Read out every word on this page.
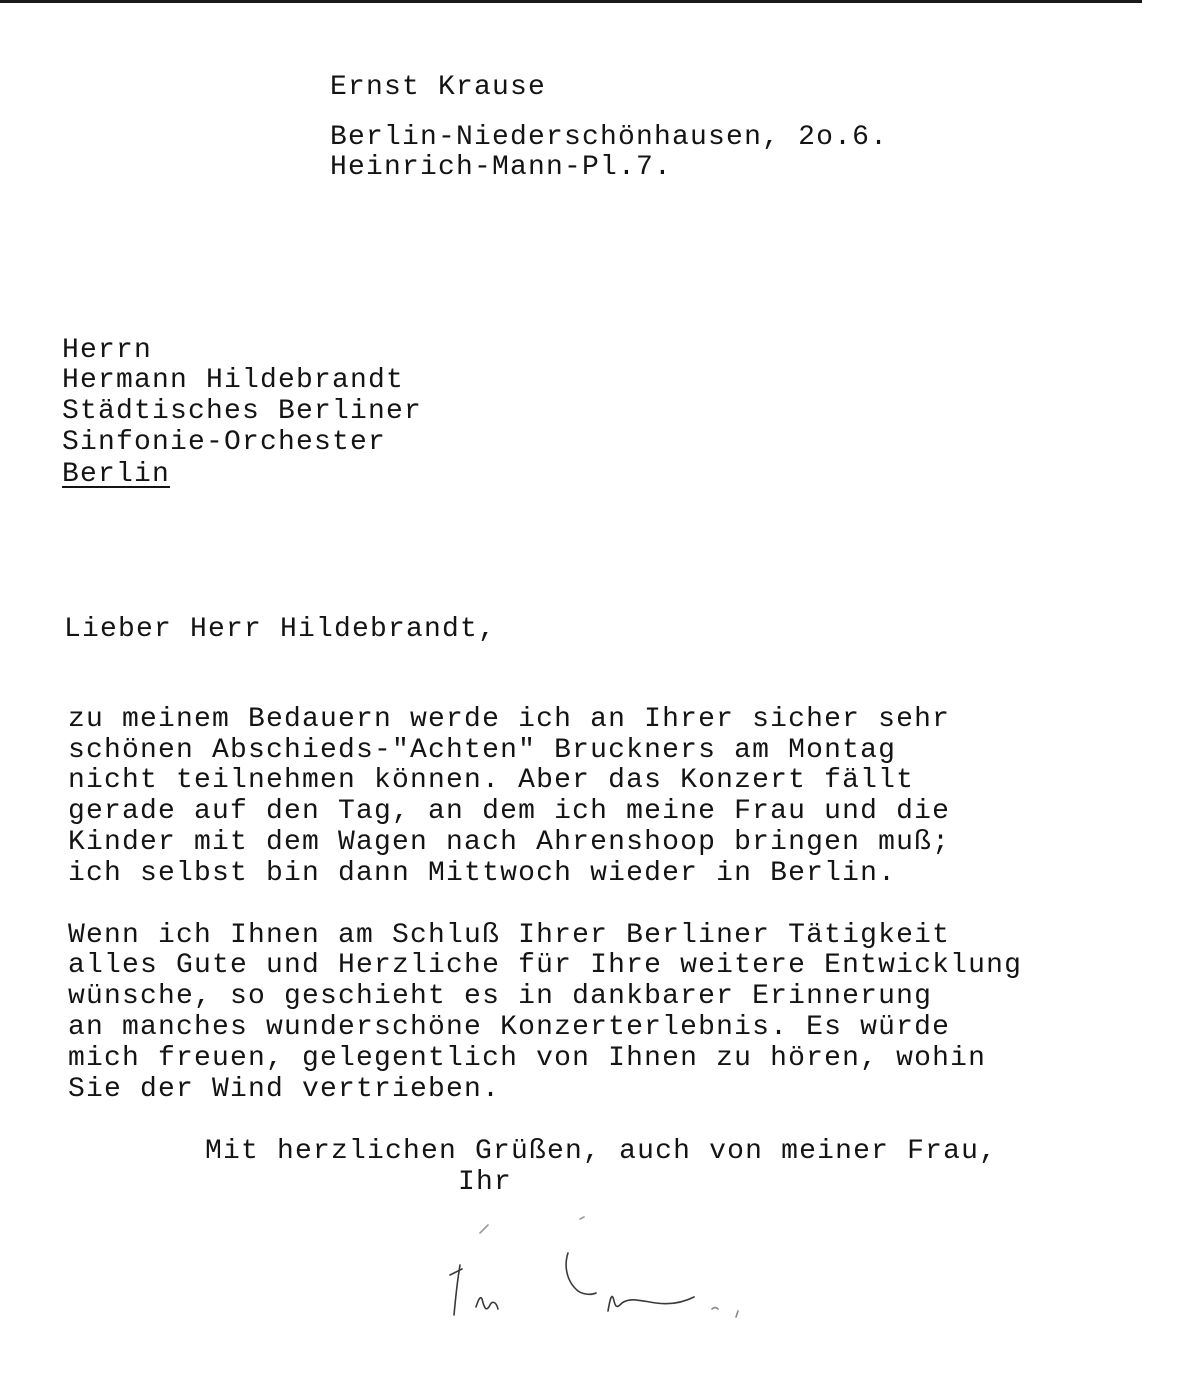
Ernst Krause
Berlin-Niederschönhausen, 2o.6.
Heinrich-Mann-Pl.7.
Herrn
Hermann Hildebrandt
Städtisches Berliner
Sinfonie-Orchester
Berlin
Lieber Herr Hildebrandt,
zu meinem Bedauern werde ich an Ihrer sicher sehr
schönen Abschieds-"Achten" Bruckners am Montag
nicht teilnehmen können. Aber das Konzert fällt
gerade auf den Tag, an dem ich meine Frau und die
Kinder mit dem Wagen nach Ahrenshoop bringen muß;
ich selbst bin dann Mittwoch wieder in Berlin.
Wenn ich Ihnen am Schluß Ihrer Berliner Tätigkeit
alles Gute und Herzliche für Ihre weitere Entwicklung
wünsche, so geschieht es in dankbarer Erinnerung
an manches wunderschöne Konzerterlebnis. Es würde
mich freuen, gelegentlich von Ihnen zu hören, wohin
Sie der Wind vertrieben.
Mit herzlichen Grüßen, auch von meiner Frau,
Ihr
